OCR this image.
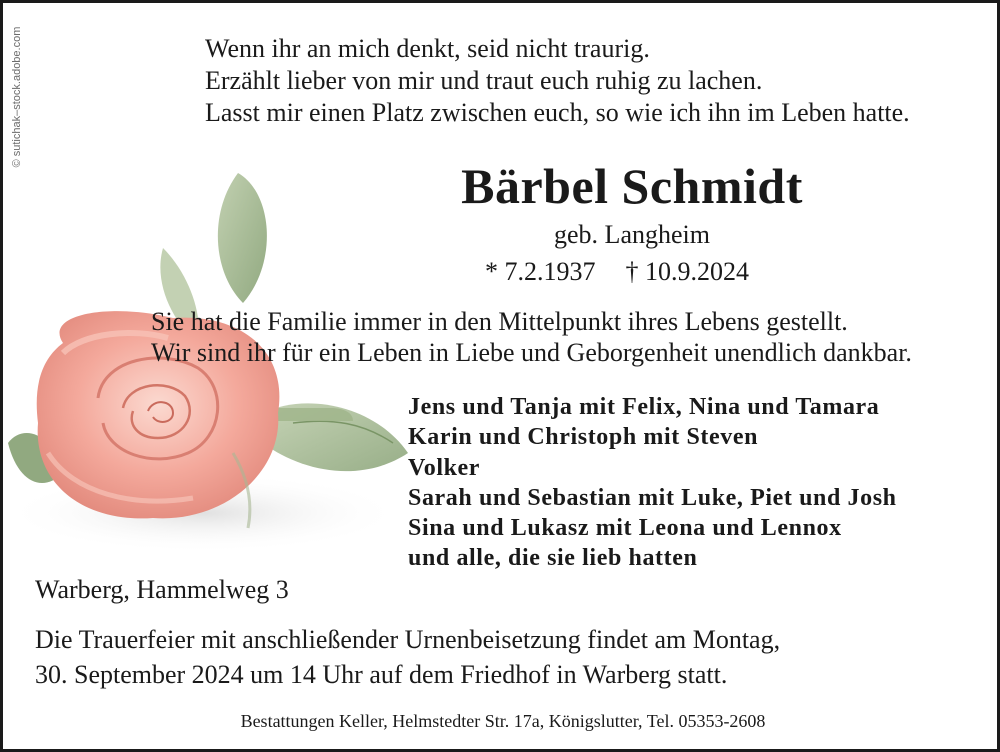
© sutichak–stock.adobe.com	Wenn ihr an mich denkt, seid nicht traurig.
Erzählt lieber von mir und traut euch ruhig zu lachen.
Lasst mir einen Platz zwischen euch, so wie ich ihn im Leben hatte.
Bärbel Schmidt
geb. Langheim
* 7.2.1937 † 10.9.2024
Sie hat die Familie immer in den Mittelpunkt ihres Lebens gestellt.
Wir sind ihr für ein Leben in Liebe und Geborgenheit unendlich dankbar.
Jens und Tanja mit Felix, Nina und Tamara
Karin und Christoph mit Steven
Volker
Sarah und Sebastian mit Luke, Piet und Josh
Sina und Lukasz mit Leona und Lennox
und alle, die sie lieb hatten
Warberg, Hammelweg 3
Die Trauerfeier mit anschließender Urnenbeisetzung findet am Montag,
30. September 2024 um 14 Uhr auf dem Friedhof in Warberg statt.
Bestattungen Keller, Helmstedter Str. 17a, Königslutter, Tel. 05353-2608
